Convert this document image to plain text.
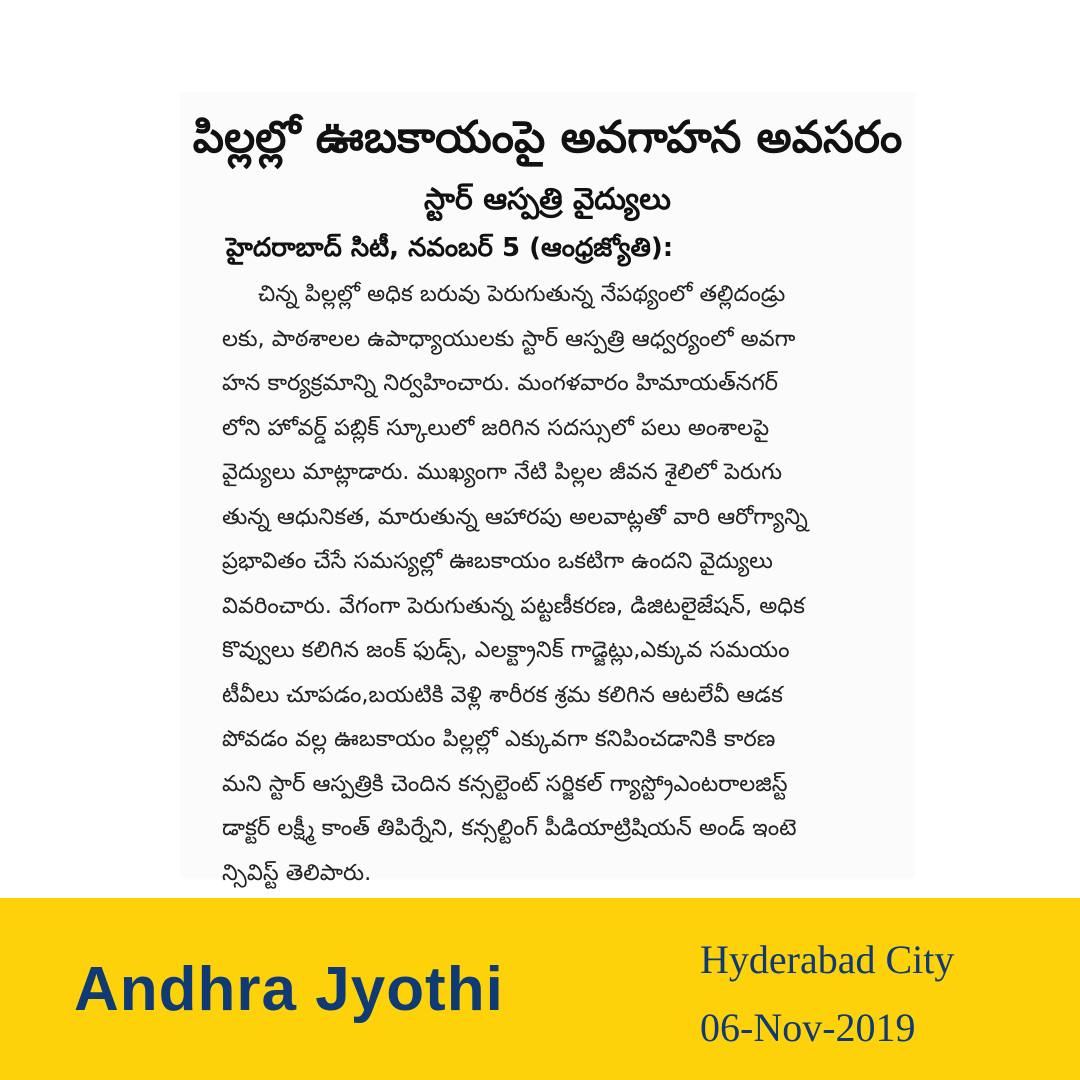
పిల్లల్లో ఊబకాయంపై అవగాహన అవసరం
స్టార్ ఆస్పత్రి వైద్యులు
హైదరాబాద్ సిటీ, నవంబర్ 5 (ఆంధ్రజ్యోతి):
చిన్న పిల్లల్లో అధిక బరువు పెరుగుతున్న నేపథ్యంలో తల్లిదండ్రు
లకు, పాఠశాలల ఉపాధ్యాయులకు స్టార్ ఆస్పత్రి ఆధ్వర్యంలో అవగా
హన కార్యక్రమాన్ని నిర్వహించారు. మంగళవారం హిమాయత్‌నగర్
లోని హోవర్డ్ పబ్లిక్ స్కూలులో జరిగిన సదస్సులో పలు అంశాలపై
వైద్యులు మాట్లాడారు. ముఖ్యంగా నేటి పిల్లల జీవన శైలిలో పెరుగు
తున్న ఆధునికత, మారుతున్న ఆహారపు అలవాట్లతో వారి ఆరోగ్యాన్ని
ప్రభావితం చేసే సమస్యల్లో ఊబకాయం ఒకటిగా ఉందని వైద్యులు
వివరించారు. వేగంగా పెరుగుతున్న పట్టణీకరణ, డిజిటలైజేషన్, అధిక
కొవ్వులు కలిగిన జంక్ ఫుడ్స్, ఎలక్ట్రానిక్ గాడ్జెట్లు,ఎక్కువ సమయం
టీవీలు చూపడం,బయటికి వెళ్లి శారీరక శ్రమ కలిగిన ఆటలేవీ ఆడక
పోవడం వల్ల ఊబకాయం పిల్లల్లో ఎక్కువగా కనిపించడానికి కారణ
మని స్టార్ ఆస్పత్రికి చెందిన కన్సల్టెంట్ సర్జికల్ గ్యాస్ట్రోఎంటరాలజిస్ట్
డాక్టర్ లక్ష్మీ కాంత్ తిపిర్నేని, కన్సల్టింగ్ పీడియాట్రిషియన్ అండ్ ఇంటె
న్సివిస్ట్ తెలిపారు.
Andhra Jyothi	Hyderabad City
06-Nov-2019
